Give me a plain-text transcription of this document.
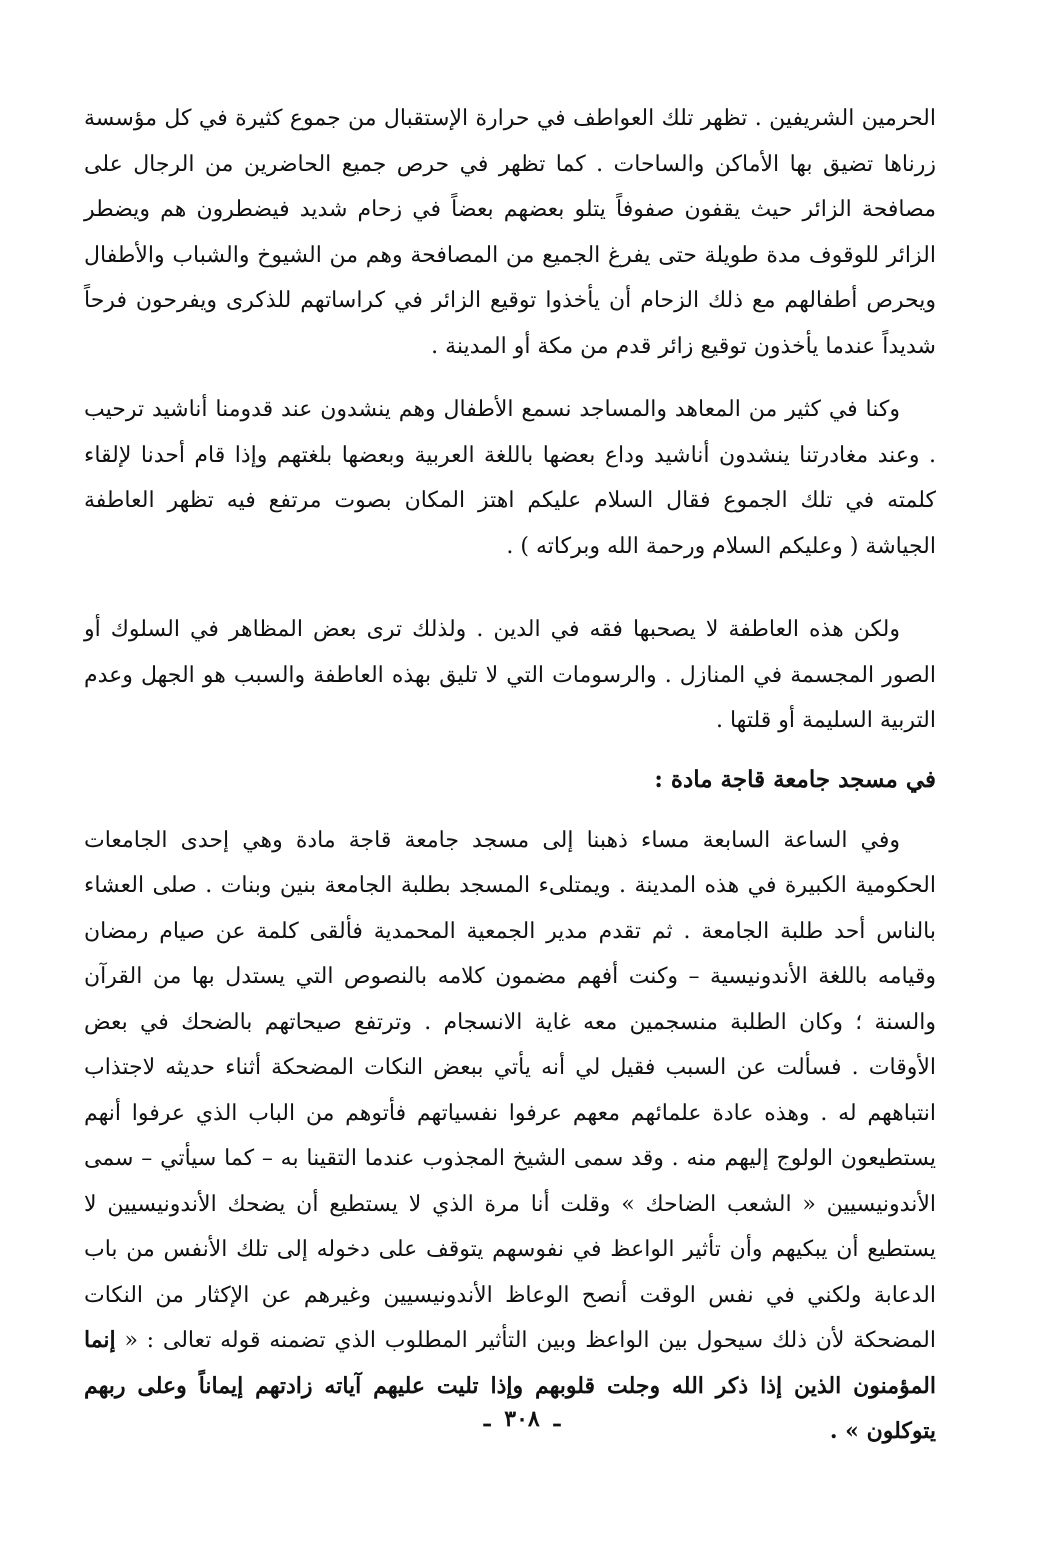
الحرمين الشريفين . تظهر تلك العواطف في حرارة الإستقبال من جموع كثيرة في كل مؤسسة زرناها تضيق بها الأماكن والساحات . كما تظهر في حرص جميع الحاضرين من الرجال على مصافحة الزائر حيث يقفون صفوفاً يتلو بعضهم بعضاً في زحام شديد فيضطرون هم ويضطر الزائر للوقوف مدة طويلة حتى يفرغ الجميع من المصافحة وهم من الشيوخ والشباب والأطفال ويحرص أطفالهم مع ذلك الزحام أن يأخذوا توقيع الزائر في كراساتهم للذكرى ويفرحون فرحاً شديداً عندما يأخذون توقيع زائر قدم من مكة أو المدينة .

وكنا في كثير من المعاهد والمساجد نسمع الأطفال وهم ينشدون عند قدومنا أناشيد ترحيب . وعند مغادرتنا ينشدون أناشيد وداع بعضها باللغة العربية وبعضها بلغتهم وإذا قام أحدنا لإلقاء كلمته في تلك الجموع فقال السلام عليكم اهتز المكان بصوت مرتفع فيه تظهر العاطفة الجياشة ( وعليكم السلام ورحمة الله وبركاته ) .

ولكن هذه العاطفة لا يصحبها فقه في الدين . ولذلك ترى بعض المظاهر في السلوك أو الصور المجسمة في المنازل . والرسومات التي لا تليق بهذه العاطفة والسبب هو الجهل وعدم التربية السليمة أو قلتها .

في مسجد جامعة قاجة مادة :

وفي الساعة السابعة مساء ذهبنا إلى مسجد جامعة قاجة مادة وهي إحدى الجامعات الحكومية الكبيرة في هذه المدينة . ويمتلىء المسجد بطلبة الجامعة بنين وبنات . صلى العشاء بالناس أحد طلبة الجامعة . ثم تقدم مدير الجمعية المحمدية فألقى كلمة عن صيام رمضان وقيامه باللغة الأندونيسية – وكنت أفهم مضمون كلامه بالنصوص التي يستدل بها من القرآن والسنة ؛ وكان الطلبة منسجمين معه غاية الانسجام . وترتفع صيحاتهم بالضحك في بعض الأوقات . فسألت عن السبب فقيل لي أنه يأتي ببعض النكات المضحكة أثناء حديثه لاجتذاب انتباههم له . وهذه عادة علمائهم معهم عرفوا نفسياتهم فأتوهم من الباب الذي عرفوا أنهم يستطيعون الولوج إليهم منه . وقد سمى الشيخ المجذوب عندما التقينا به – كما سيأتي – سمى الأندونيسيين « الشعب الضاحك » وقلت أنا مرة الذي لا يستطيع أن يضحك الأندونيسيين لا يستطيع أن يبكيهم وأن تأثير الواعظ في نفوسهم يتوقف على دخوله إلى تلك الأنفس من باب الدعابة ولكني في نفس الوقت أنصح الوعاظ الأندونيسيين وغيرهم عن الإكثار من النكات المضحكة لأن ذلك سيحول بين الواعظ وبين التأثير المطلوب الذي تضمنه قوله تعالى : « إنما المؤمنون الذين إذا ذكر الله وجلت قلوبهم وإذا تليت عليهم آياته زادتهم إيماناً وعلى ربهم يتوكلون » .

ـ٣٠٨ـ
